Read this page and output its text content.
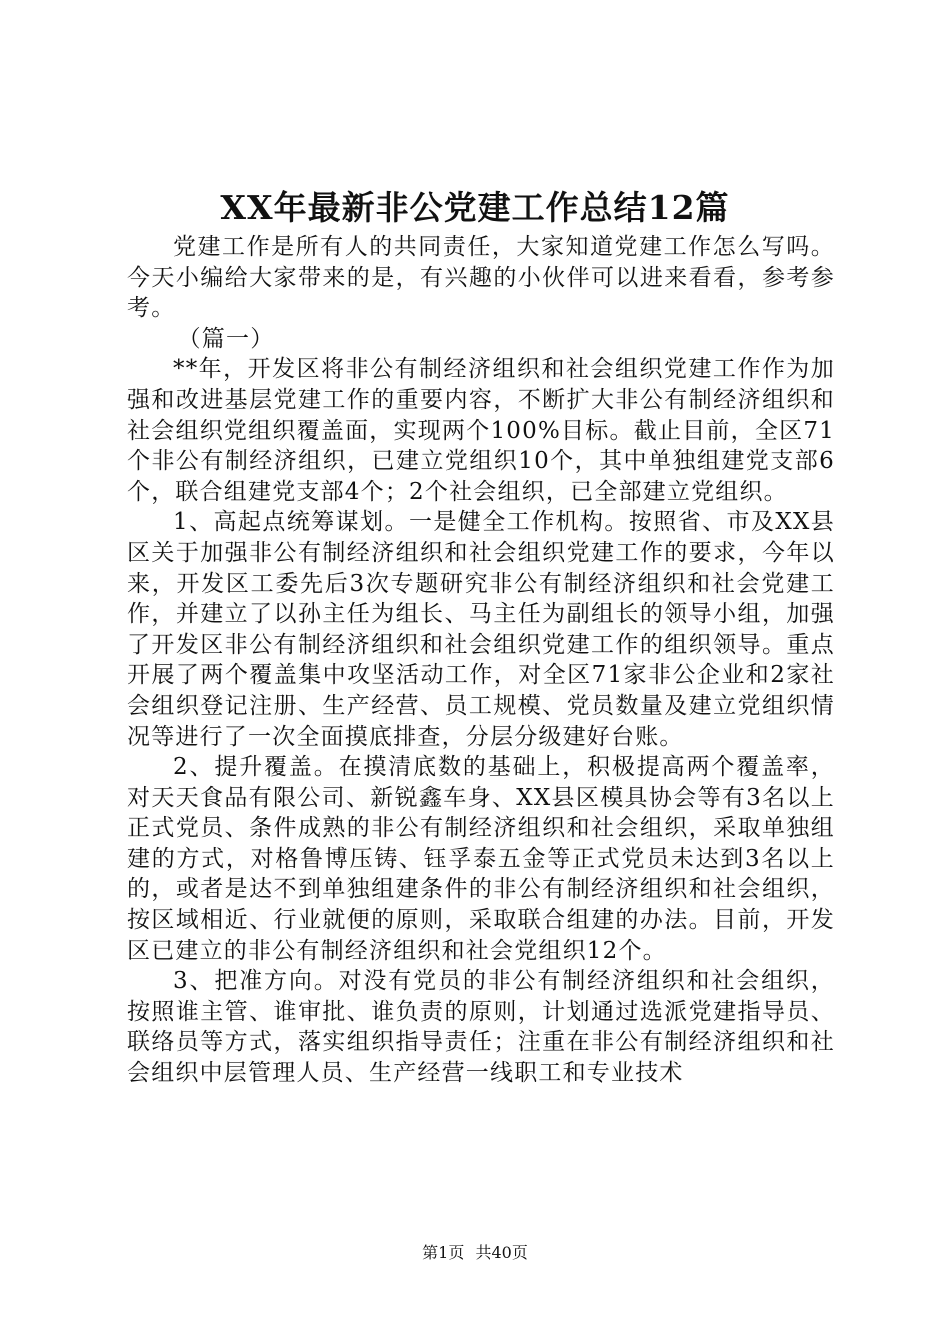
XX年最新非公党建工作总结12篇

党建工作是所有人的共同责任，大家知道党建工作怎么写吗。今天小编给大家带来的是，有兴趣的小伙伴可以进来看看，参考参考。

（篇一）

**年，开发区将非公有制经济组织和社会组织党建工作作为加强和改进基层党建工作的重要内容，不断扩大非公有制经济组织和社会组织党组织覆盖面，实现两个100%目标。截止目前，全区71个非公有制经济组织，已建立党组织10个，其中单独组建党支部6个，联合组建党支部4个；2个社会组织，已全部建立党组织。

1、高起点统筹谋划。一是健全工作机构。按照省、市及XX县区关于加强非公有制经济组织和社会组织党建工作的要求，今年以来，开发区工委先后3次专题研究非公有制经济组织和社会党建工作，并建立了以孙主任为组长、马主任为副组长的领导小组，加强了开发区非公有制经济组织和社会组织党建工作的组织领导。重点开展了两个覆盖集中攻坚活动工作，对全区71家非公企业和2家社会组织登记注册、生产经营、员工规模、党员数量及建立党组织情况等进行了一次全面摸底排查，分层分级建好台账。

2、提升覆盖。在摸清底数的基础上，积极提高两个覆盖率，对天天食品有限公司、新锐鑫车身、XX县区模具协会等有3名以上正式党员、条件成熟的非公有制经济组织和社会组织，采取单独组建的方式，对格鲁博压铸、钰孚泰五金等正式党员未达到3名以上的，或者是达不到单独组建条件的非公有制经济组织和社会组织，按区域相近、行业就便的原则，采取联合组建的办法。目前，开发区已建立的非公有制经济组织和社会党组织12个。

3、把准方向。对没有党员的非公有制经济组织和社会组织，按照谁主管、谁审批、谁负责的原则，计划通过选派党建指导员、联络员等方式，落实组织指导责任；注重在非公有制经济组织和社会组织中层管理人员、生产经营一线职工和专业技术

第1页 共40页
